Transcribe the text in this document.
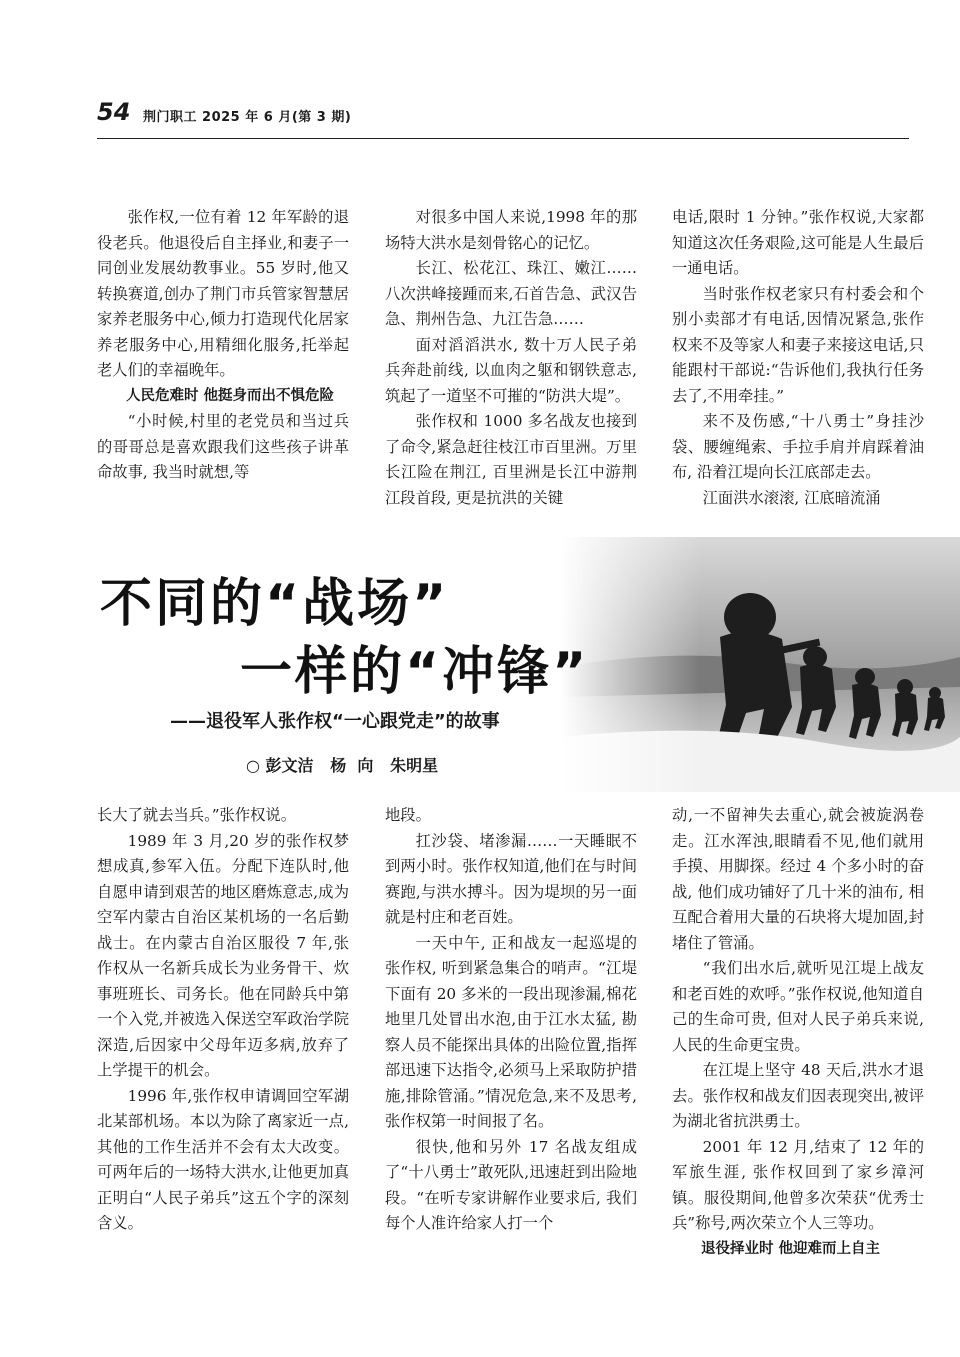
54 荆门职工 2025 年 6 月(第 3 期)

张作权,一位有着 12 年军龄的退役老兵。他退役后自主择业,和妻子一同创业发展幼教事业。55 岁时,他又转换赛道,创办了荆门市兵管家智慧居家养老服务中心,倾力打造现代化居家养老服务中心,用精细化服务,托举起老人们的幸福晚年。

人民危难时 他挺身而出不惧危险

“小时候,村里的老党员和当过兵的哥哥总是喜欢跟我们这些孩子讲革命故事, 我当时就想,等

对很多中国人来说,1998 年的那场特大洪水是刻骨铭心的记忆。

长江、松花江、珠江、嫩江……八次洪峰接踵而来,石首告急、武汉告急、荆州告急、九江告急……

面对滔滔洪水, 数十万人民子弟兵奔赴前线, 以血肉之躯和钢铁意志,筑起了一道坚不可摧的“防洪大堤”。

张作权和 1000 多名战友也接到了命令,紧急赶往枝江市百里洲。万里长江险在荆江, 百里洲是长江中游荆江段首段, 更是抗洪的关键

电话,限时 1 分钟。”张作权说,大家都知道这次任务艰险,这可能是人生最后一通电话。

当时张作权老家只有村委会和个别小卖部才有电话,因情况紧急,张作权来不及等家人和妻子来接这电话,只能跟村干部说:“告诉他们,我执行任务去了,不用牵挂。”

来不及伤感,“十八勇士”身挂沙袋、腰缠绳索、手拉手肩并肩踩着油布, 沿着江堤向长江底部走去。

江面洪水滚滚, 江底暗流涌

不同的“战场”
一样的“冲锋”
——退役军人张作权“一心跟党走”的故事
○ 彭文洁   杨  向   朱明星

长大了就去当兵。”张作权说。

1989 年 3 月,20 岁的张作权梦想成真,参军入伍。分配下连队时,他自愿申请到艰苦的地区磨炼意志,成为空军内蒙古自治区某机场的一名后勤战士。在内蒙古自治区服役 7 年,张作权从一名新兵成长为业务骨干、炊事班班长、司务长。他在同龄兵中第一个入党,并被选入保送空军政治学院深造,后因家中父母年迈多病,放弃了上学提干的机会。

1996 年,张作权申请调回空军湖北某部机场。本以为除了离家近一点,其他的工作生活并不会有太大改变。可两年后的一场特大洪水,让他更加真正明白“人民子弟兵”这五个字的深刻含义。

地段。

扛沙袋、堵渗漏……一天睡眠不到两小时。张作权知道,他们在与时间赛跑,与洪水搏斗。因为堤坝的另一面就是村庄和老百姓。

一天中午, 正和战友一起巡堤的张作权, 听到紧急集合的哨声。“江堤下面有 20 多米的一段出现渗漏,棉花地里几处冒出水泡,由于江水太猛, 勘察人员不能探出具体的出险位置,指挥部迅速下达指令,必须马上采取防护措施,排除管涌。”情况危急,来不及思考,张作权第一时间报了名。

很快,他和另外 17 名战友组成了“十八勇士”敢死队,迅速赶到出险地段。“在听专家讲解作业要求后, 我们每个人准许给家人打一个

动,一不留神失去重心,就会被旋涡卷走。江水浑浊,眼睛看不见,他们就用手摸、用脚探。经过 4 个多小时的奋战, 他们成功铺好了几十米的油布, 相互配合着用大量的石块将大堤加固,封堵住了管涌。

“我们出水后,就听见江堤上战友和老百姓的欢呼。”张作权说,他知道自己的生命可贵, 但对人民子弟兵来说,人民的生命更宝贵。

在江堤上坚守 48 天后,洪水才退去。张作权和战友们因表现突出,被评为湖北省抗洪勇士。

2001 年 12 月,结束了 12 年的军旅生涯, 张作权回到了家乡漳河镇。服役期间,他曾多次荣获“优秀士兵”称号,两次荣立个人三等功。

退役择业时 他迎难而上自主
